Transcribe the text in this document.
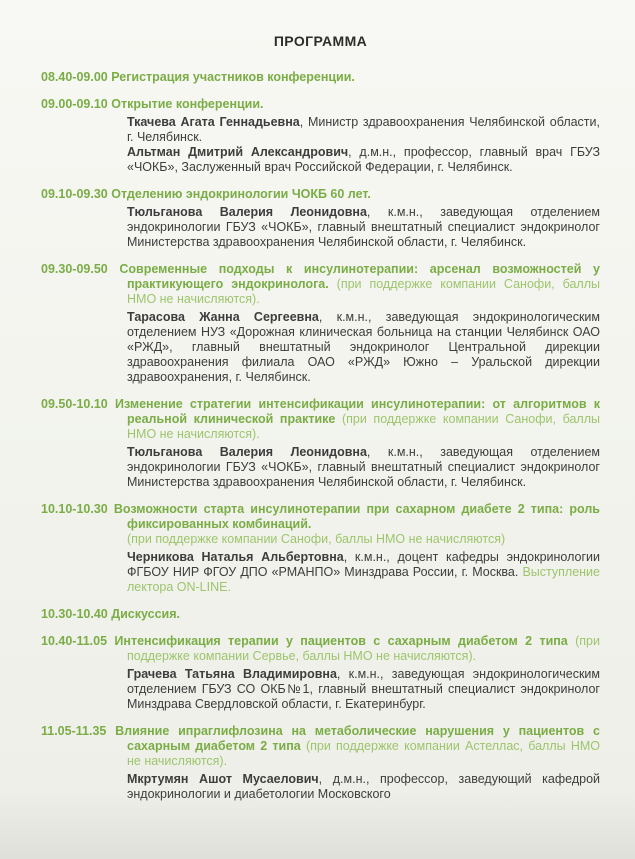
ПРОГРАММА

08.40-09.00 Регистрация участников конференции.

09.00-09.10 Открытие конференции.

Ткачева Агата Геннадьевна, Министр здравоохранения Челябинской области, г. Челябинск.

Альтман Дмитрий Александрович, д.м.н., профессор, главный врач ГБУЗ «ЧОКБ», Заслуженный врач Российской Федерации, г. Челябинск.

09.10-09.30 Отделению эндокринологии ЧОКБ 60 лет.

Тюльганова Валерия Леонидовна, к.м.н., заведующая отделением эндокринологии ГБУЗ «ЧОКБ», главный внештатный специалист эндокринолог Министерства здравоохранения Челябинской области, г. Челябинск.

09.30-09.50 Современные подходы к инсулинотерапии: арсенал возможностей у практикующего эндокринолога. (при поддержке компании Санофи, баллы НМО не начисляются).

Тарасова Жанна Сергеевна, к.м.н., заведующая эндокринологическим отделением НУЗ «Дорожная клиническая больница на станции Челябинск ОАО «РЖД», главный внештатный эндокринолог Центральной дирекции здравоохранения филиала ОАО «РЖД» Южно – Уральской дирекции здравоохранения, г. Челябинск.

09.50-10.10 Изменение стратегии интенсификации инсулинотерапии: от алгоритмов к реальной клинической практике (при поддержке компании Санофи, баллы НМО не начисляются).

Тюльганова Валерия Леонидовна, к.м.н., заведующая отделением эндокринологии ГБУЗ «ЧОКБ», главный внештатный специалист эндокринолог Министерства здравоохранения Челябинской области, г. Челябинск.

10.10-10.30 Возможности старта инсулинотерапии при сахарном диабете 2 типа: роль фиксированных комбинаций.
(при поддержке компании Санофи, баллы НМО не начисляются)

Черникова Наталья Альбертовна, к.м.н., доцент кафедры эндокринологии ФГБОУ НИР ФГОУ ДПО «РМАНПО» Минздрава России, г. Москва. Выступление лектора ON-LINE.

10.30-10.40 Дискуссия.

10.40-11.05 Интенсификация терапии у пациентов с сахарным диабетом 2 типа (при поддержке компании Сервье, баллы НМО не начисляются).

Грачева Татьяна Владимировна, к.м.н., заведующая эндокринологическим отделением ГБУЗ СО ОКБ№1, главный внештатный специалист эндокринолог Минздрава Свердловской области, г. Екатеринбург.

11.05-11.35 Влияние ипраглифлозина на метаболические нарушения у пациентов с сахарным диабетом 2 типа (при поддержке компании Астеллас, баллы НМО не начисляются).

Мкртумян Ашот Мусаелович, д.м.н., профессор, заведующий кафедрой эндокринологии и диабетологии Московского
